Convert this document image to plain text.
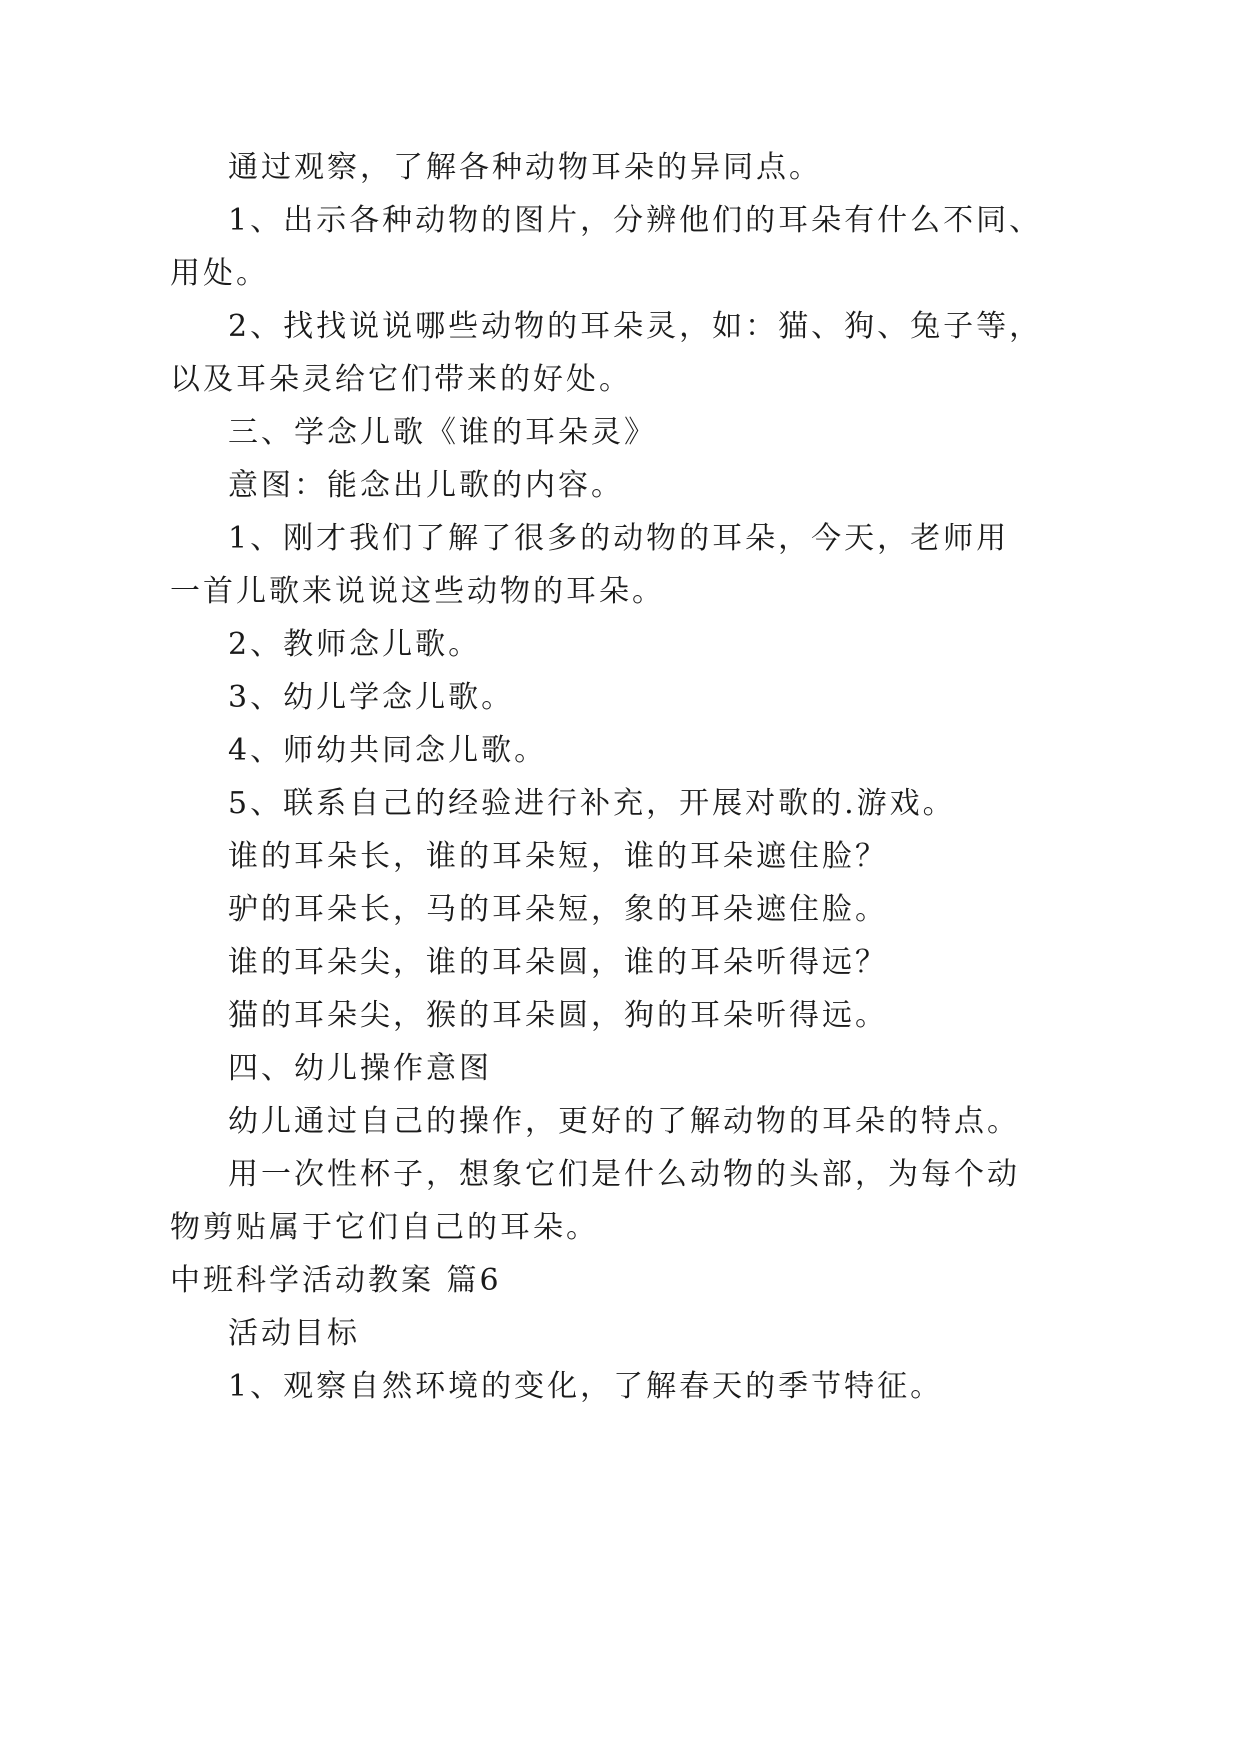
通过观察，了解各种动物耳朵的异同点。
1、出示各种动物的图片，分辨他们的耳朵有什么不同、
用处。
2、找找说说哪些动物的耳朵灵，如：猫、狗、兔子等，
以及耳朵灵给它们带来的好处。
三、学念儿歌《谁的耳朵灵》
意图：能念出儿歌的内容。
1、刚才我们了解了很多的动物的耳朵，今天，老师用
一首儿歌来说说这些动物的耳朵。
2、教师念儿歌。
3、幼儿学念儿歌。
4、师幼共同念儿歌。
5、联系自己的经验进行补充，开展对歌的.游戏。
谁的耳朵长，谁的耳朵短，谁的耳朵遮住脸？
驴的耳朵长，马的耳朵短，象的耳朵遮住脸。
谁的耳朵尖，谁的耳朵圆，谁的耳朵听得远？
猫的耳朵尖，猴的耳朵圆，狗的耳朵听得远。
四、幼儿操作意图
幼儿通过自己的操作，更好的了解动物的耳朵的特点。
用一次性杯子，想象它们是什么动物的头部，为每个动
物剪贴属于它们自己的耳朵。
中班科学活动教案 篇6
活动目标
1、观察自然环境的变化，了解春天的季节特征。
